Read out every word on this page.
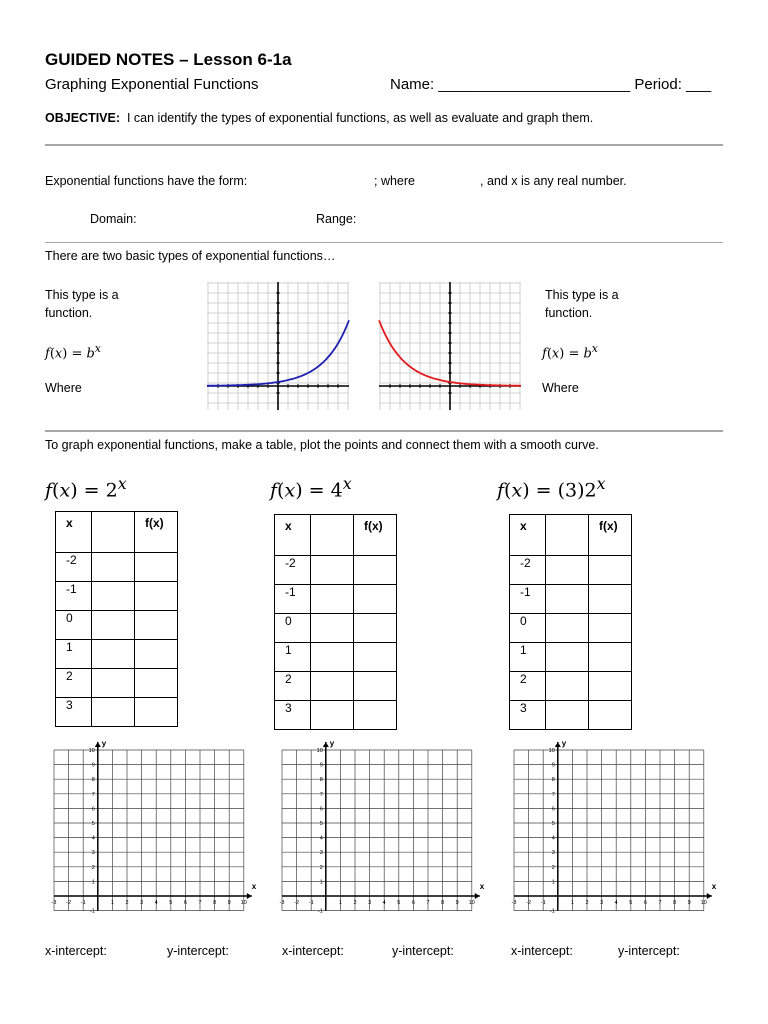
GUIDED NOTES – Lesson 6-1a
Graphing Exponential Functions	Name: _______________________ Period: ___
OBJECTIVE: I can identify the types of exponential functions, as well as evaluate and graph them.
Exponential functions have the form:	; where	, and x is any real number.
Domain:	Range:
There are two basic types of exponential functions…
This type is a
function.
$f(x) = b^x$
Where
This type is a
function.
$f(x) = b^x$
Where
To graph exponential functions, make a table, plot the points and connect them with a smooth curve.
$f(x) = 2^x$	$f(x) = 4^x$	$f(x) = (3)2^x$
x		f(x)
-2		
-1		
0		
1		
2		
3		
x		f(x)
-2		
-1		
0		
1		
2		
3		
x		f(x)
-2		
-1		
0		
1		
2		
3		
x
y
-3 -2 -1	1 2 3 4 5 6 7 8 9 10
10
9
8
7
6
5
4
3
2
1
-1
x
y
-3 -2 -1	1 2 3 4 5 6 7 8 9 10
10
9
8
7
6
5
4
3
2
1
-1
x
y
-3 -2 -1	1 2 3 4 5 6 7 8 9 10
10
9
8
7
6
5
4
3
2
1
-1
x-intercept:	y-intercept:	x-intercept:	y-intercept:	x-intercept:	y-intercept:
